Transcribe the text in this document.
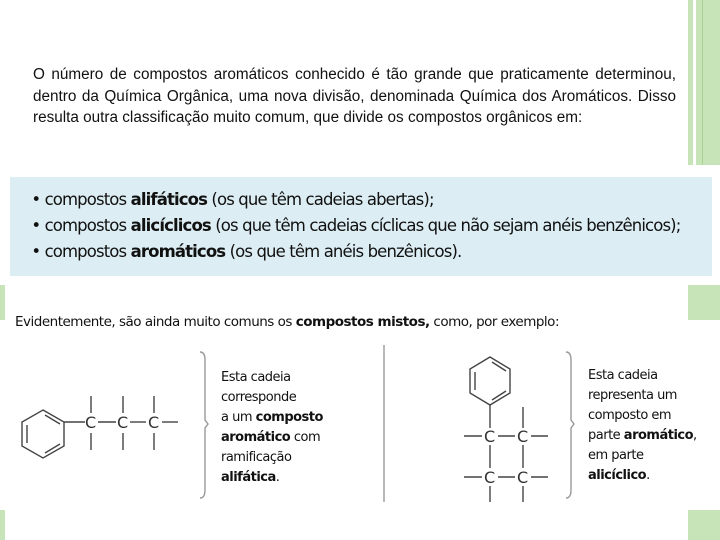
O número de compostos aromáticos conhecido é tão grande que praticamente determinou, dentro da Química Orgânica, uma nova divisão, denominada Química dos Aromáticos. Disso resulta outra classificação muito comum, que divide os compostos orgânicos em:

• compostos alifáticos (os que têm cadeias abertas);
• compostos alicíclicos (os que têm cadeias cíclicas que não sejam anéis benzênicos);
• compostos aromáticos (os que têm anéis benzênicos).
Evidentemente, são ainda muito comuns os compostos mistos, como, por exemplo:
C C C
C C
C C
Esta cadeia
corresponde
a um composto
aromático com
ramificação
alifática.
Esta cadeia
representa um
composto em
parte aromático,
em parte
alicíclico.
